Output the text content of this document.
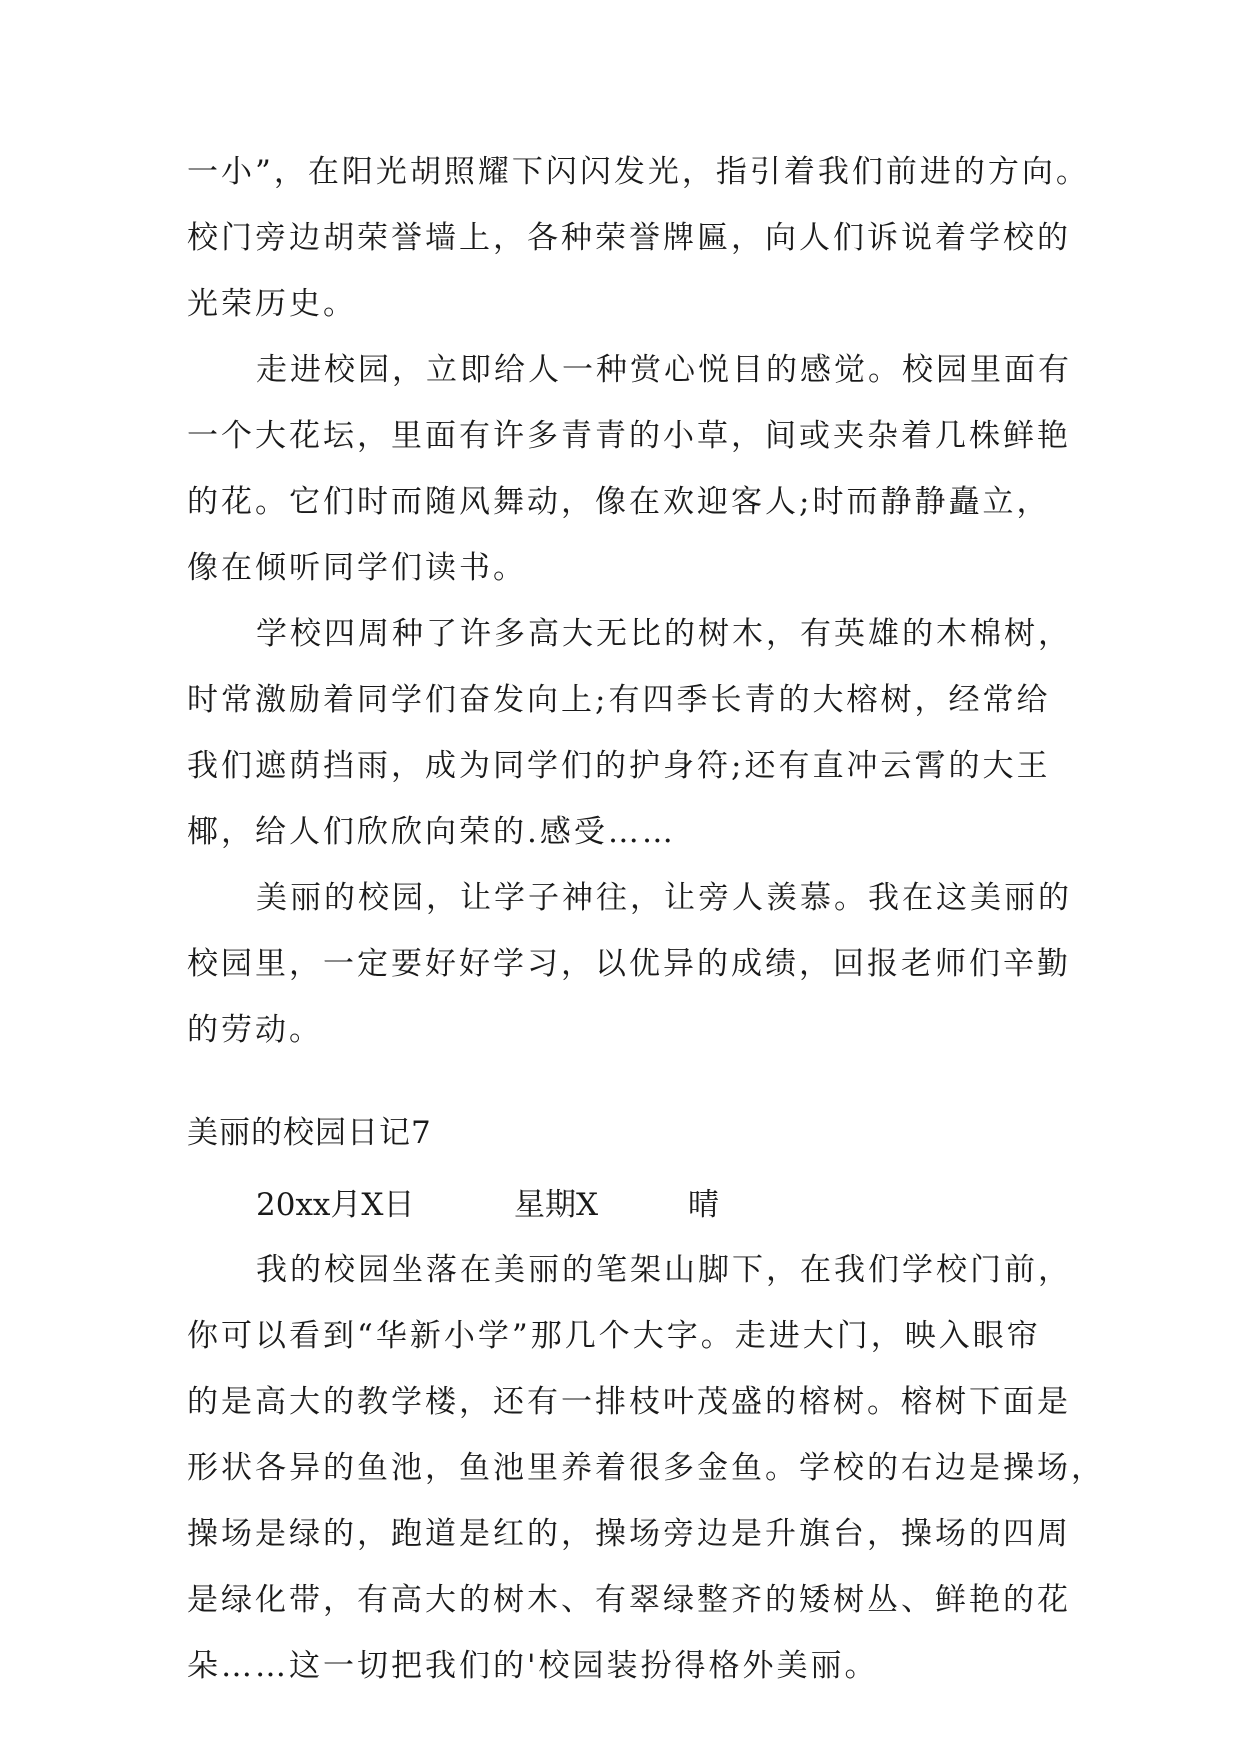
一小”，在阳光胡照耀下闪闪发光，指引着我们前进的方向。
校门旁边胡荣誉墙上，各种荣誉牌匾，向人们诉说着学校的
光荣历史。
走进校园，立即给人一种赏心悦目的感觉。校园里面有
一个大花坛，里面有许多青青的小草，间或夹杂着几株鲜艳
的花。它们时而随风舞动，像在欢迎客人;时而静静矗立，
像在倾听同学们读书。
学校四周种了许多高大无比的树木，有英雄的木棉树，
时常激励着同学们奋发向上;有四季长青的大榕树，经常给
我们遮荫挡雨，成为同学们的护身符;还有直冲云霄的大王
椰，给人们欣欣向荣的.感受……
美丽的校园，让学子神往，让旁人羡慕。我在这美丽的
校园里，一定要好好学习，以优异的成绩，回报老师们辛勤
的劳动。
美丽的校园日记7
20xx月X日	星期X	晴
我的校园坐落在美丽的笔架山脚下，在我们学校门前，
你可以看到“华新小学”那几个大字。走进大门，映入眼帘
的是高大的教学楼，还有一排枝叶茂盛的榕树。榕树下面是
形状各异的鱼池，鱼池里养着很多金鱼。学校的右边是操场，
操场是绿的，跑道是红的，操场旁边是升旗台，操场的四周
是绿化带，有高大的树木、有翠绿整齐的矮树丛、鲜艳的花
朵……这一切把我们的'校园装扮得格外美丽。
